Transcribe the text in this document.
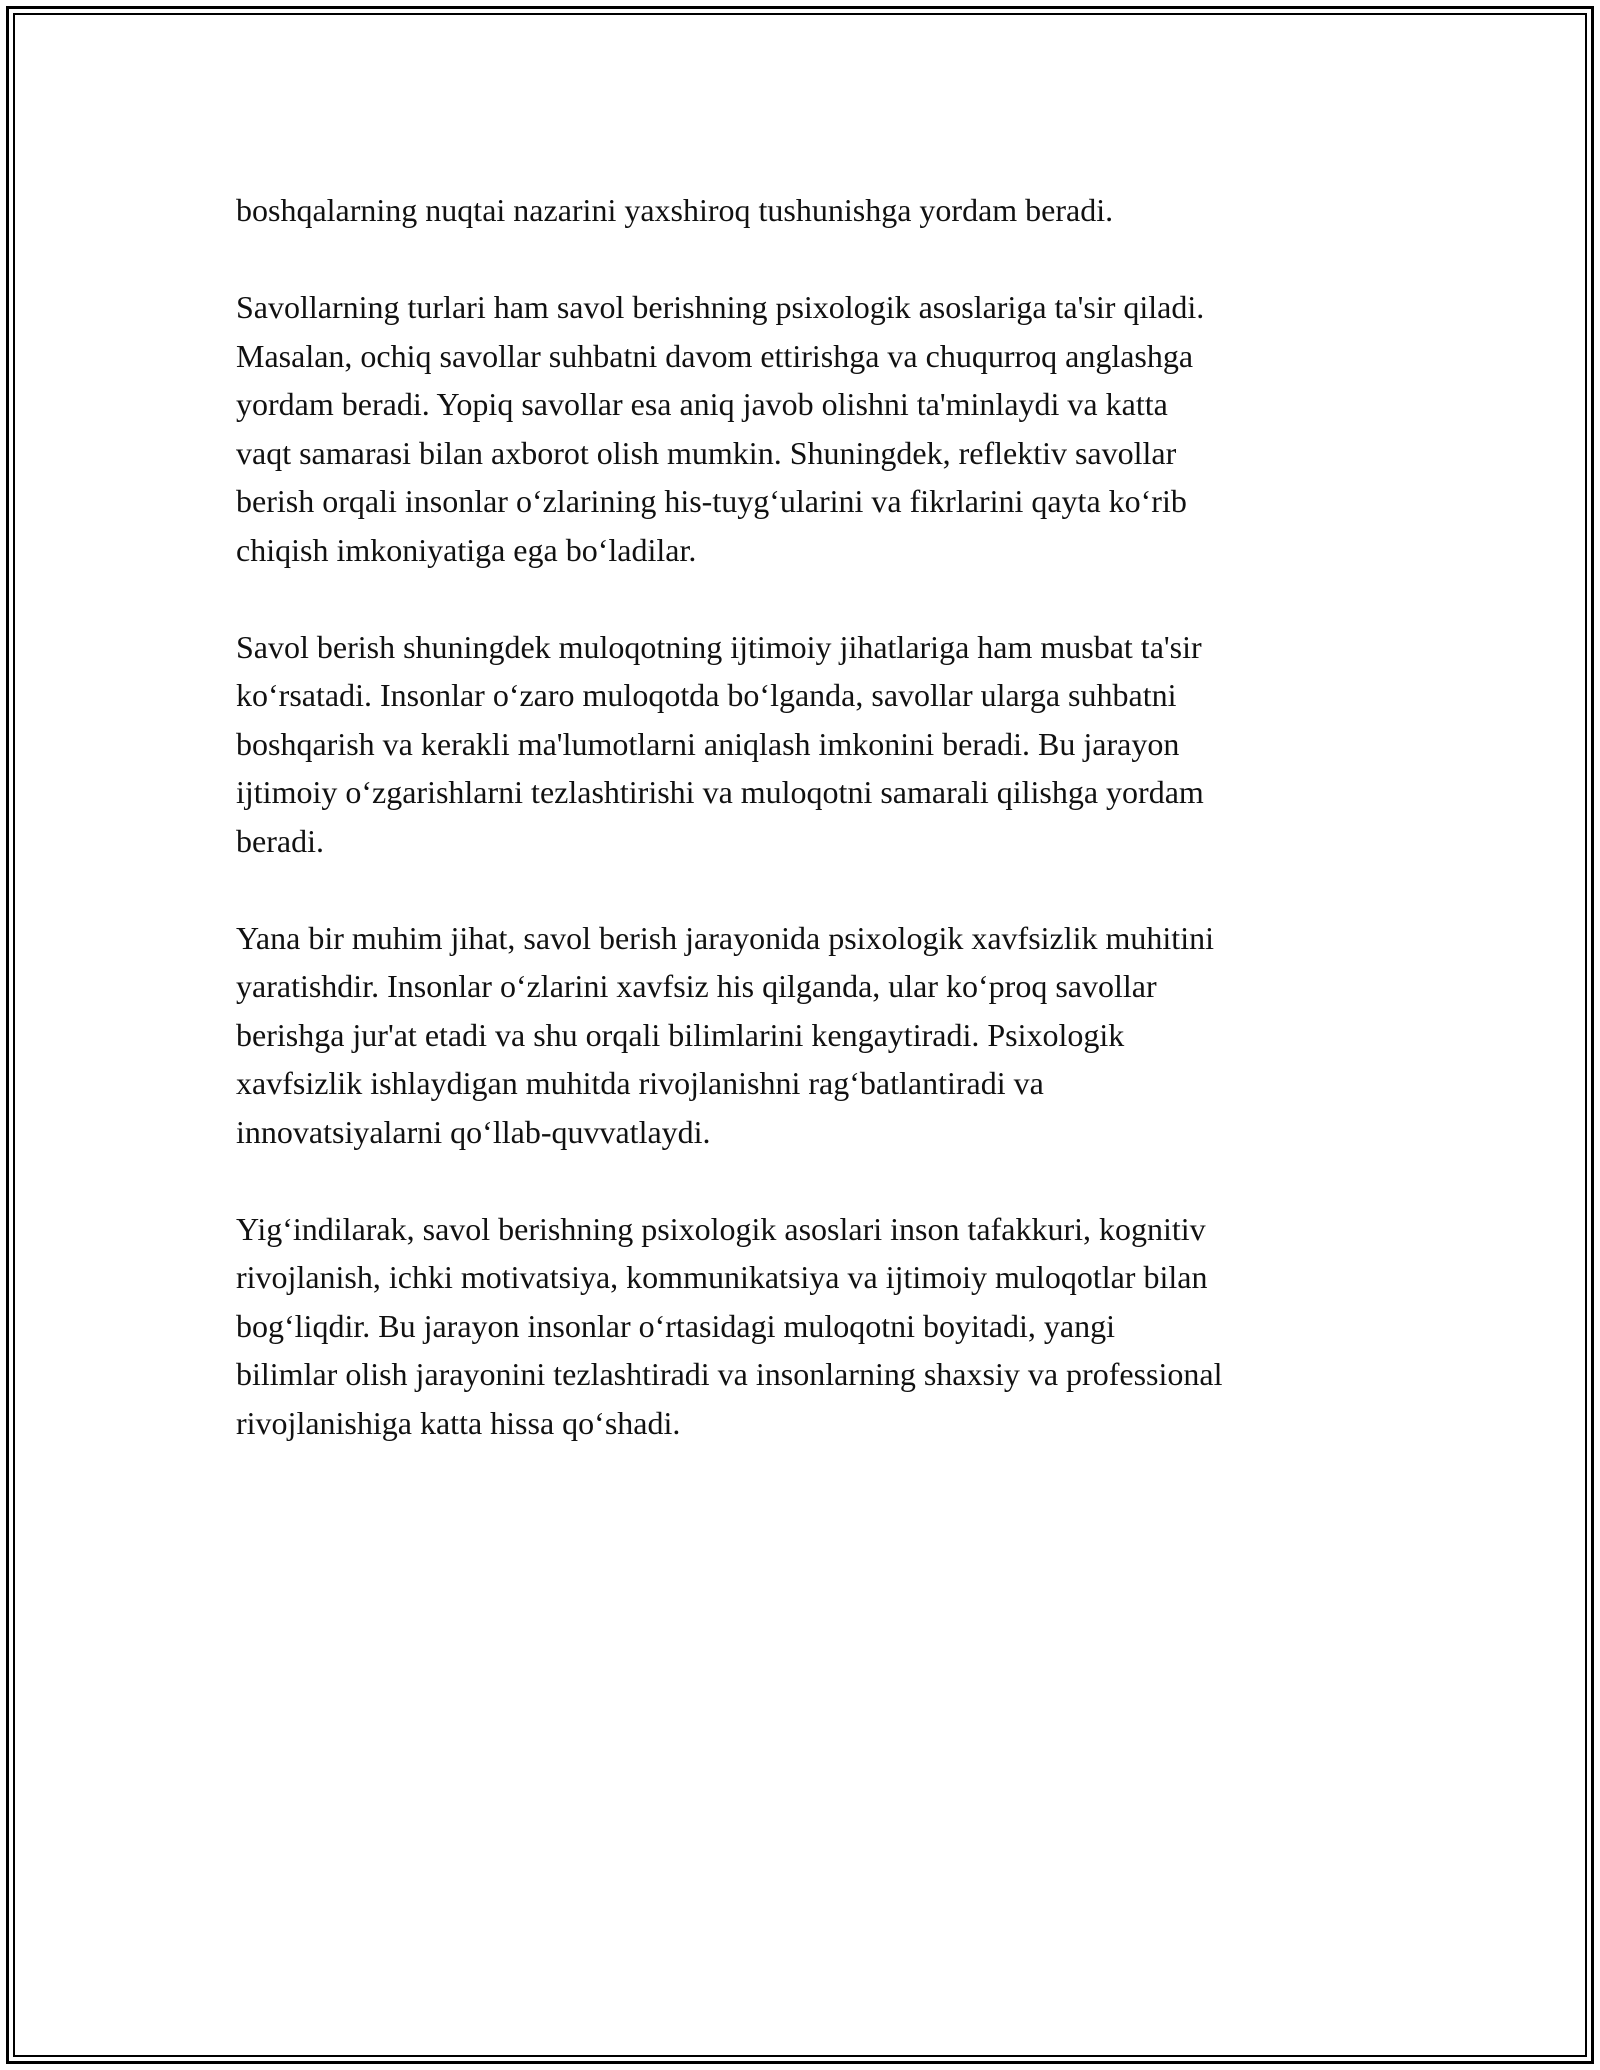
boshqalarning nuqtai nazarini yaxshiroq tushunishga yordam beradi.

Savollarning turlari ham savol berishning psixologik asoslariga ta'sir qiladi.
Masalan, ochiq savollar suhbatni davom ettirishga va chuqurroq anglashga
yordam beradi. Yopiq savollar esa aniq javob olishni ta'minlaydi va katta
vaqt samarasi bilan axborot olish mumkin. Shuningdek, reflektiv savollar
berish orqali insonlar o‘zlarining his-tuyg‘ularini va fikrlarini qayta ko‘rib
chiqish imkoniyatiga ega bo‘ladilar.

Savol berish shuningdek muloqotning ijtimoiy jihatlariga ham musbat ta'sir
ko‘rsatadi. Insonlar o‘zaro muloqotda bo‘lganda, savollar ularga suhbatni
boshqarish va kerakli ma'lumotlarni aniqlash imkonini beradi. Bu jarayon
ijtimoiy o‘zgarishlarni tezlashtirishi va muloqotni samarali qilishga yordam
beradi.

Yana bir muhim jihat, savol berish jarayonida psixologik xavfsizlik muhitini
yaratishdir. Insonlar o‘zlarini xavfsiz his qilganda, ular ko‘proq savollar
berishga jur'at etadi va shu orqali bilimlarini kengaytiradi. Psixologik
xavfsizlik ishlaydigan muhitda rivojlanishni rag‘batlantiradi va
innovatsiyalarni qo‘llab-quvvatlaydi.

Yig‘indilarak, savol berishning psixologik asoslari inson tafakkuri, kognitiv
rivojlanish, ichki motivatsiya, kommunikatsiya va ijtimoiy muloqotlar bilan
bog‘liqdir. Bu jarayon insonlar o‘rtasidagi muloqotni boyitadi, yangi
bilimlar olish jarayonini tezlashtiradi va insonlarning shaxsiy va professional
rivojlanishiga katta hissa qo‘shadi.
